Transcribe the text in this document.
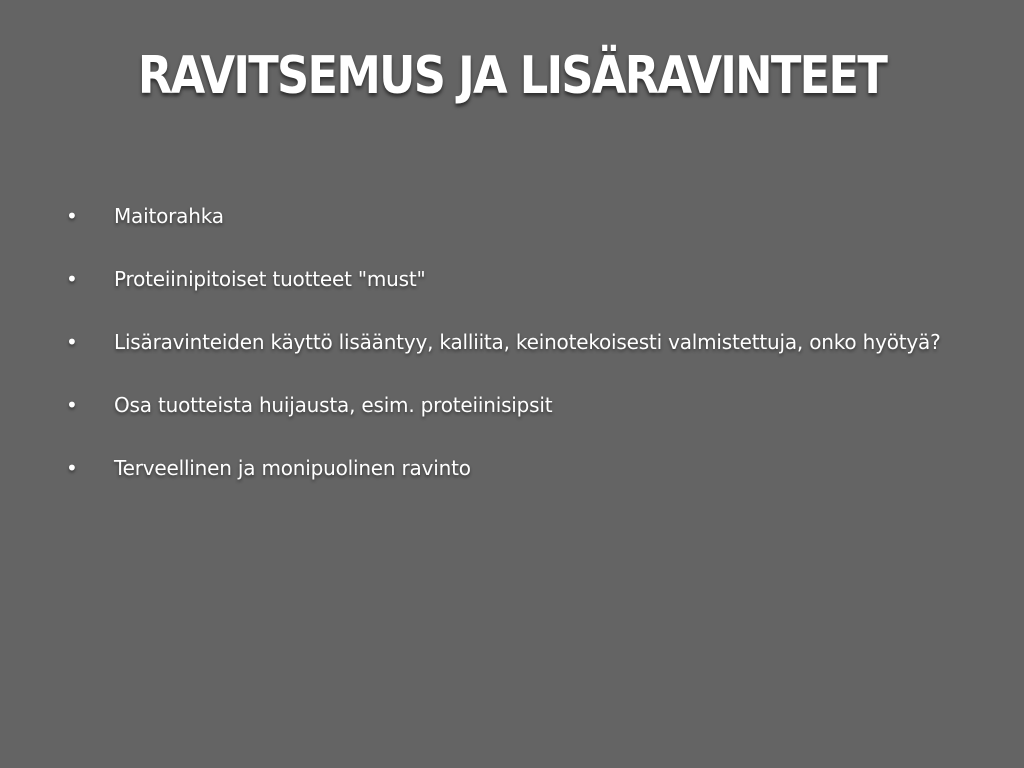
RAVITSEMUS JA LISÄRAVINTEET
•	Maitorahka
•	Proteiinipitoiset tuotteet "must"
•	Lisäravinteiden käyttö lisääntyy, kalliita, keinotekoisesti valmistettuja, onko hyötyä?
•	Osa tuotteista huijausta, esim. proteiinisipsit
•	Terveellinen ja monipuolinen ravinto
